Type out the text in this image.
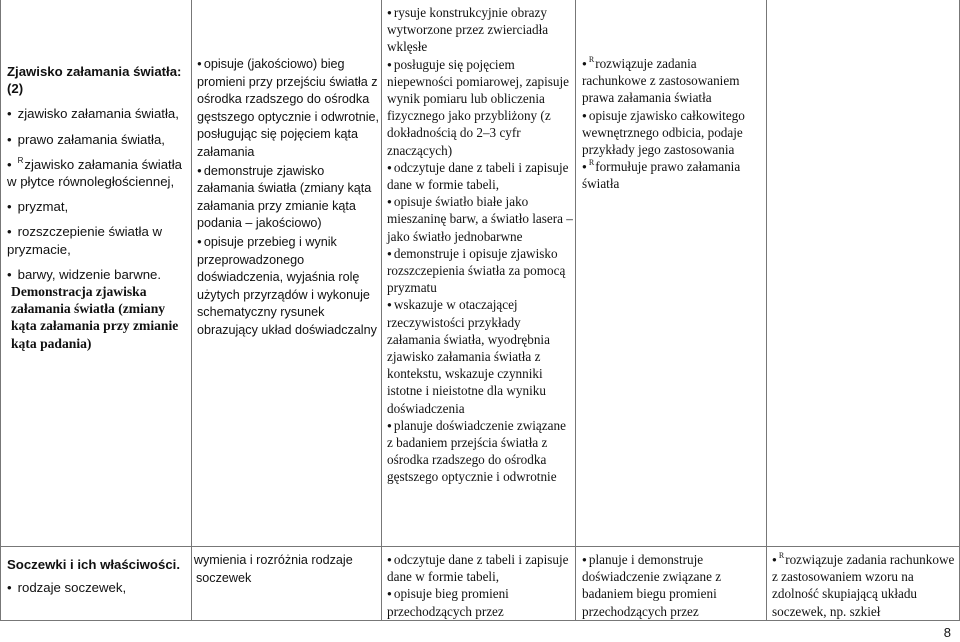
Zjawisko załamania światła: (2)

• zjawisko załamania światła,

• prawo załamania światła,

• $^R$zjawisko załamania światła w płytce równoległościennej,

• pryzmat,

• rozszczepienie światła w pryzmacie,

• barwy, widzenie barwne.

Demonstracja zjawiska załamania światła (zmiany kąta załamania przy zmianie kąta padania)

Soczewki i ich właściwości.

• rodzaje soczewek,

● opisuje (jakościowo) bieg promieni przy przejściu światła z ośrodka rzadszego do ośrodka gęstszego optycznie i odwrotnie, posługując się pojęciem kąta załamania

● demonstruje zjawisko załamania światła (zmiany kąta załamania przy zmianie kąta podania – jakościowo)

● opisuje przebieg i wynik przeprowadzonego doświadczenia, wyjaśnia rolę użytych przyrządów i wykonuje schematyczny rysunek obrazujący układ doświadczalny

● wymienia i rozróżnia rodzaje soczewek

● rysuje konstrukcyjnie obrazy wytworzone przez zwierciadła wklęsłe

● posługuje się pojęciem niepewności pomiarowej, zapisuje wynik pomiaru lub obliczenia fizycznego jako przybliżony (z dokładnością do 2–3 cyfr znaczących)

● odczytuje dane z tabeli i zapisuje dane w formie tabeli,

● opisuje światło białe jako mieszaninę barw, a światło lasera – jako światło jednobarwne

● demonstruje i opisuje zjawisko rozszczepienia światła za pomocą pryzmatu

● wskazuje w otaczającej rzeczywistości przykłady załamania światła, wyodrębnia zjawisko załamania światła z kontekstu, wskazuje czynniki istotne i nieistotne dla wyniku doświadczenia

● planuje doświadczenie związane z badaniem przejścia światła z ośrodka rzadszego do ośrodka gęstszego optycznie i odwrotnie

● odczytuje dane z tabeli i zapisuje dane w formie tabeli,

● opisuje bieg promieni przechodzących przez

● $^R$rozwiązuje zadania rachunkowe z zastosowaniem prawa załamania światła

● opisuje zjawisko całkowitego wewnętrznego odbicia, podaje przykłady jego zastosowania

● $^R$formułuje prawo załamania światła

● planuje i demonstruje doświadczenie związane z badaniem biegu promieni przechodzących przez

● $^R$rozwiązuje zadania rachunkowe z zastosowaniem wzoru na zdolność skupiającą układu soczewek, np. szkieł

8
